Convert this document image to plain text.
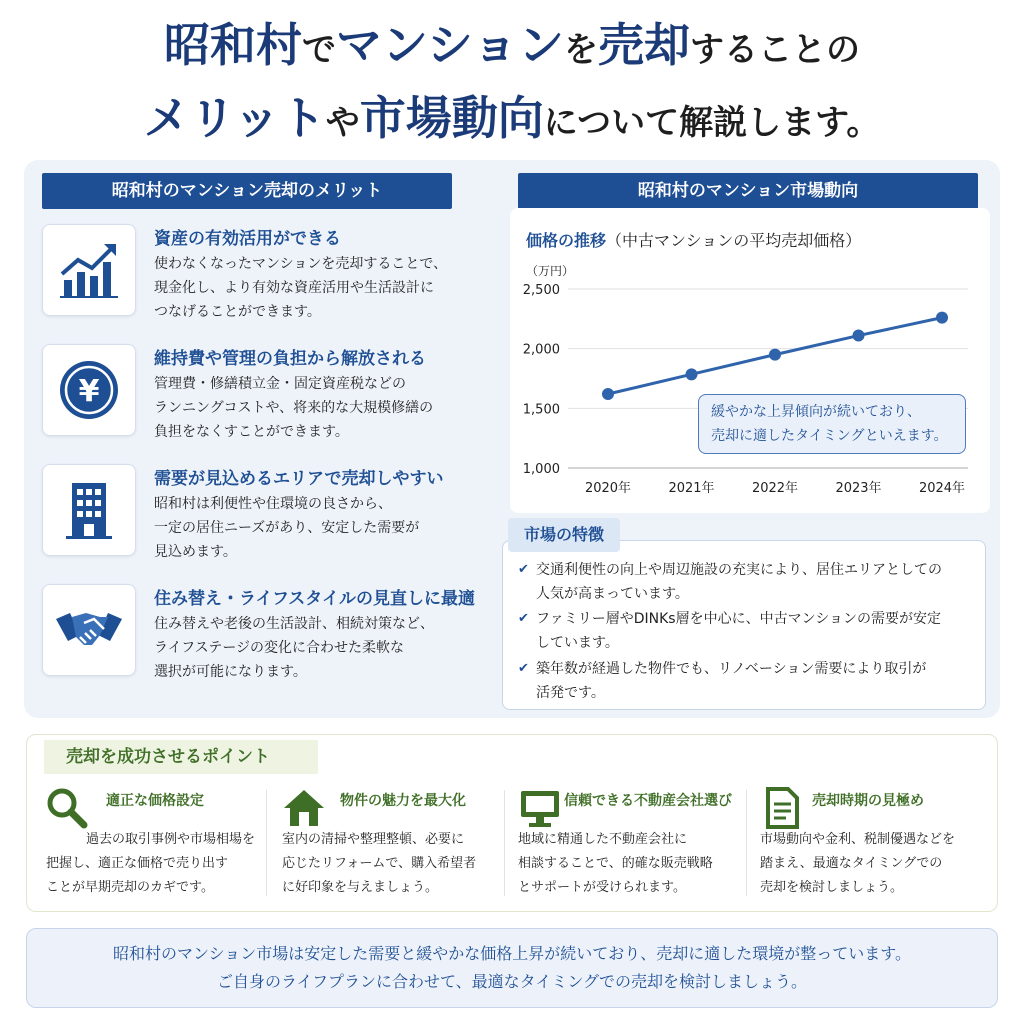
昭和村でマンションを売却することの
メリットや市場動向について解説します。
昭和村のマンション売却のメリット
資産の有効活用ができる
使わなくなったマンションを売却することで、
現金化し、より有効な資産活用や生活設計に
つなげることができます。
¥
維持費や管理の負担から解放される
管理費・修繕積立金・固定資産税などの
ランニングコストや、将来的な大規模修繕の
負担をなくすことができます。
需要が見込めるエリアで売却しやすい
昭和村は利便性や住環境の良さから、
一定の居住ニーズがあり、安定した需要が
見込めます。
住み替え・ライフスタイルの見直しに最適
住み替えや老後の生活設計、相続対策など、
ライフステージの変化に合わせた柔軟な
選択が可能になります。
昭和村のマンション市場動向
価格の推移（中古マンションの平均売却価格）
（万円）
1,000
1,500
2,000
2,500
2020年	2021年	2022年	2023年	2024年
緩やかな上昇傾向が続いており、
売却に適したタイミングといえます。
市場の特徴
✔ 交通利便性の向上や周辺施設の充実により、居住エリアとしての
人気が高まっています。
✔ ファミリー層やDINKs層を中心に、中古マンションの需要が安定
しています。
✔ 築年数が経過した物件でも、リノベーション需要により取引が
活発です。
売却を成功させるポイント
適正な価格設定
過去の取引事例や市場相場を
把握し、適正な価格で売り出す
ことが早期売却のカギです。
物件の魅力を最大化
室内の清掃や整理整頓、必要に
応じたリフォームで、購入希望者
に好印象を与えましょう。
信頼できる不動産会社選び
地域に精通した不動産会社に
相談することで、的確な販売戦略
とサポートが受けられます。
売却時期の見極め
市場動向や金利、税制優遇などを
踏まえ、最適なタイミングでの
売却を検討しましょう。
昭和村のマンション市場は安定した需要と緩やかな価格上昇が続いており、売却に適した環境が整っています。
ご自身のライフプランに合わせて、最適なタイミングでの売却を検討しましょう。
